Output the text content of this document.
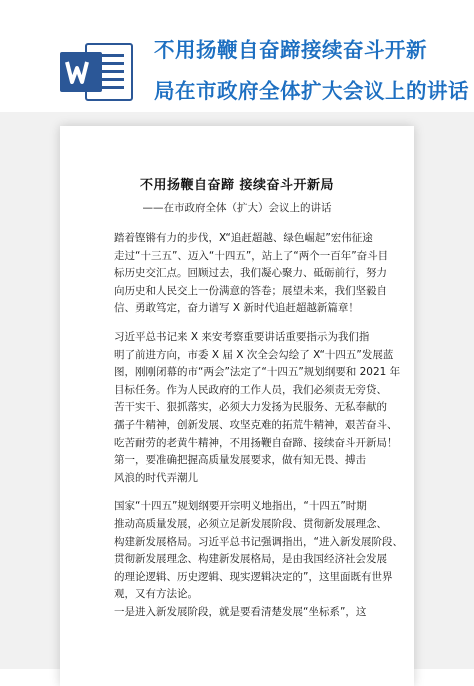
不用扬鞭自奋蹄接续奋斗开新
局在市政府全体扩大会议上的讲话
不用扬鞭自奋蹄 接续奋斗开新局
——在市政府全体（扩大）会议上的讲话
踏着铿锵有力的步伐，X“追赶超越、绿色崛起”宏伟征途
走过“十三五”、迈入“十四五”，站上了“两个一百年”奋斗目
标历史交汇点。回顾过去，我们凝心聚力、砥砺前行，努力
向历史和人民交上一份满意的答卷；展望未来，我们坚毅自
信、勇敢笃定，奋力谱写 X 新时代追赶超越新篇章！
习近平总书记来 X 来安考察重要讲话重要指示为我们指
明了前进方向，市委 X 届 X 次全会勾绘了 X“十四五”发展蓝
图，刚刚闭幕的市“两会”法定了“十四五”规划纲要和 2021 年
目标任务。作为人民政府的工作人员，我们必须责无旁贷、
苦干实干、狠抓落实，必须大力发扬为民服务、无私奉献的
孺子牛精神，创新发展、攻坚克难的拓荒牛精神，艰苦奋斗、
吃苦耐劳的老黄牛精神，不用扬鞭自奋蹄、接续奋斗开新局！
第一，要准确把握高质量发展要求，做有知无畏、搏击
风浪的时代弄潮儿
国家“十四五”规划纲要开宗明义地指出，“十四五”时期
推动高质量发展，必须立足新发展阶段、贯彻新发展理念、
构建新发展格局。习近平总书记强调指出，“进入新发展阶段、
贯彻新发展理念、构建新发展格局，是由我国经济社会发展
的理论逻辑、历史逻辑、现实逻辑决定的”，这里面既有世界
观，又有方法论。
一是进入新发展阶段，就是要看清楚发展“坐标系”，这
